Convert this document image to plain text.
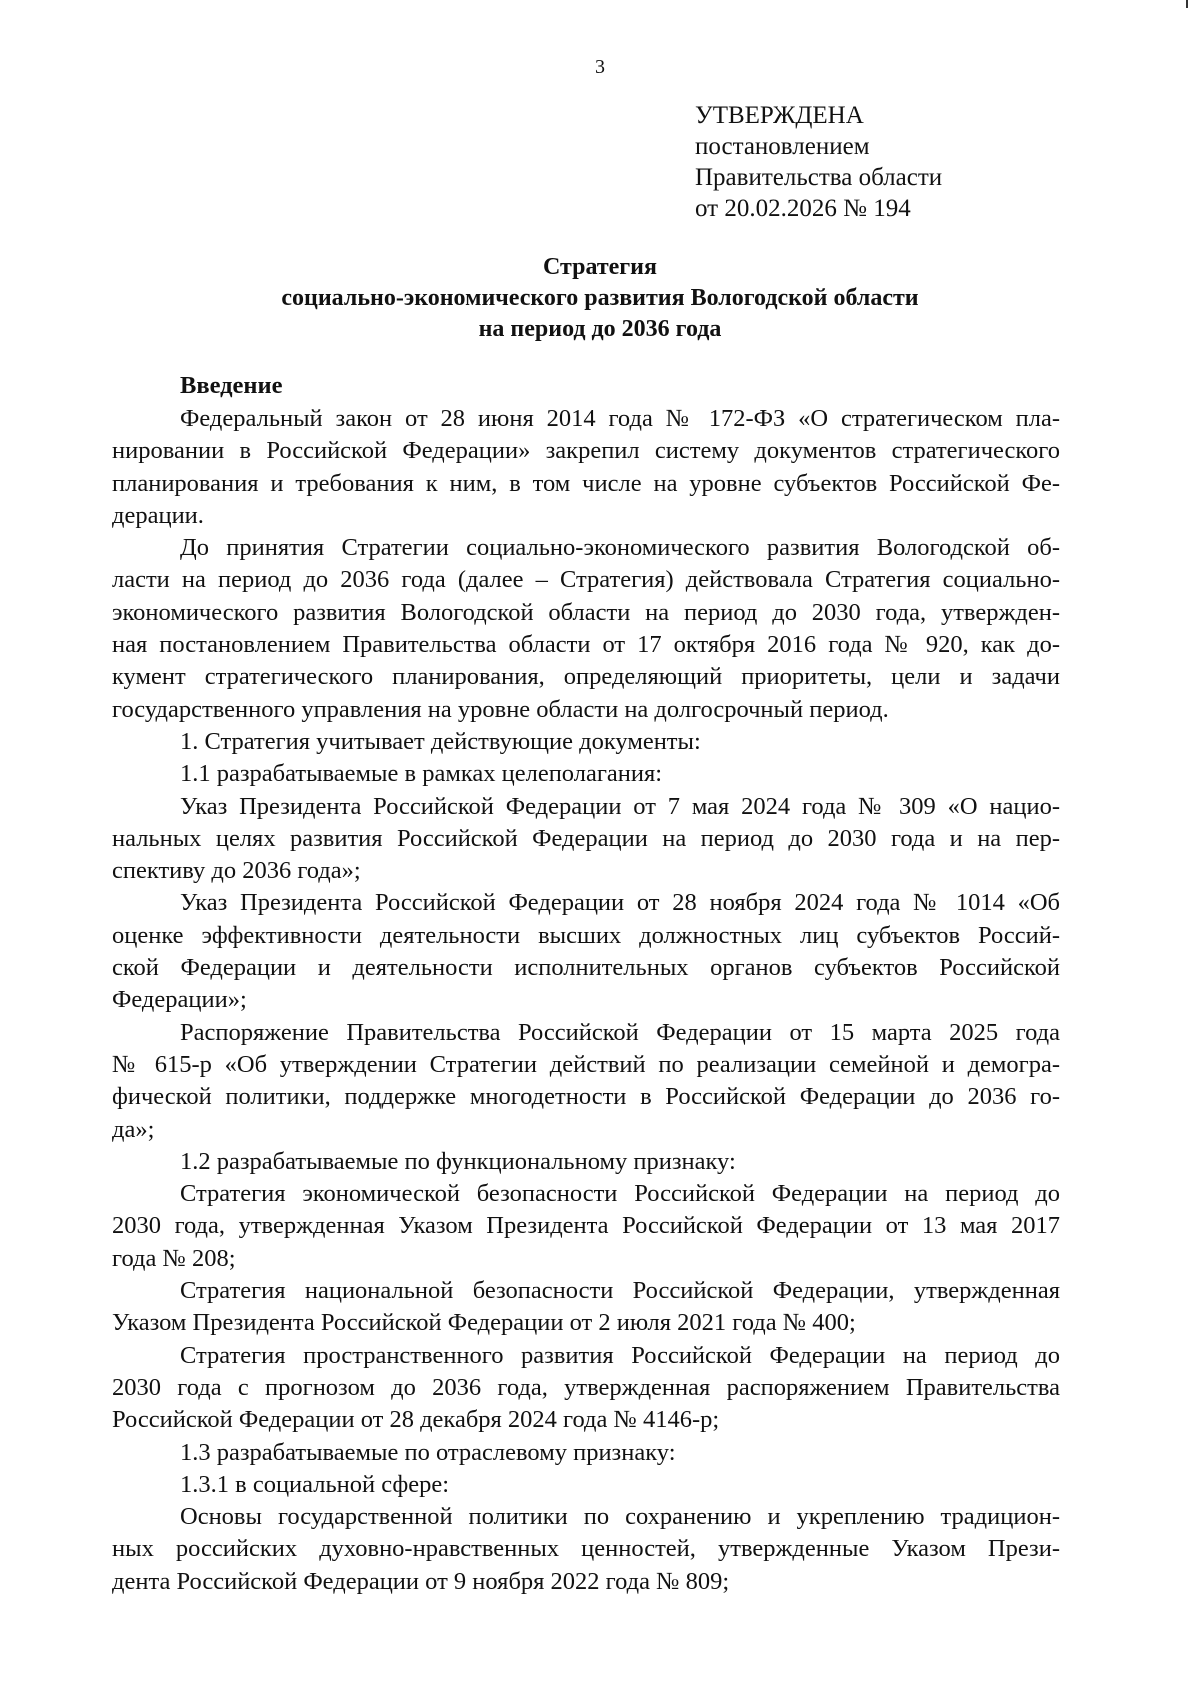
3
УТВЕРЖДЕНА
постановлением
Правительства области
от 20.02.2026 № 194
Стратегия
социально-экономического развития Вологодской области
на период до 2036 года
Введение
Федеральный закон от 28 июня 2014 года № 172-ФЗ «О стратегическом пла-
нировании в Российской Федерации» закрепил систему документов стратегического
планирования и требования к ним, в том числе на уровне субъектов Российской Фе-
дерации.
До принятия Стратегии социально-экономического развития Вологодской об-
ласти на период до 2036 года (далее – Стратегия) действовала Стратегия социально-
экономического развития Вологодской области на период до 2030 года, утвержден-
ная постановлением Правительства области от 17 октября 2016 года № 920, как до-
кумент стратегического планирования, определяющий приоритеты, цели и задачи
государственного управления на уровне области на долгосрочный период.
1. Стратегия учитывает действующие документы:
1.1 разрабатываемые в рамках целеполагания:
Указ Президента Российской Федерации от 7 мая 2024 года № 309 «О нацио-
нальных целях развития Российской Федерации на период до 2030 года и на пер-
спективу до 2036 года»;
Указ Президента Российской Федерации от 28 ноября 2024 года № 1014 «Об
оценке эффективности деятельности высших должностных лиц субъектов Россий-
ской Федерации и деятельности исполнительных органов субъектов Российской
Федерации»;
Распоряжение Правительства Российской Федерации от 15 марта 2025 года
№ 615-р «Об утверждении Стратегии действий по реализации семейной и демогра-
фической политики, поддержке многодетности в Российской Федерации до 2036 го-
да»;
1.2 разрабатываемые по функциональному признаку:
Стратегия экономической безопасности Российской Федерации на период до
2030 года, утвержденная Указом Президента Российской Федерации от 13 мая 2017
года № 208;
Стратегия национальной безопасности Российской Федерации, утвержденная
Указом Президента Российской Федерации от 2 июля 2021 года № 400;
Стратегия пространственного развития Российской Федерации на период до
2030 года с прогнозом до 2036 года, утвержденная распоряжением Правительства
Российской Федерации от 28 декабря 2024 года № 4146-р;
1.3 разрабатываемые по отраслевому признаку:
1.3.1 в социальной сфере:
Основы государственной политики по сохранению и укреплению традицион-
ных российских духовно-нравственных ценностей, утвержденные Указом Прези-
дента Российской Федерации от 9 ноября 2022 года № 809;
